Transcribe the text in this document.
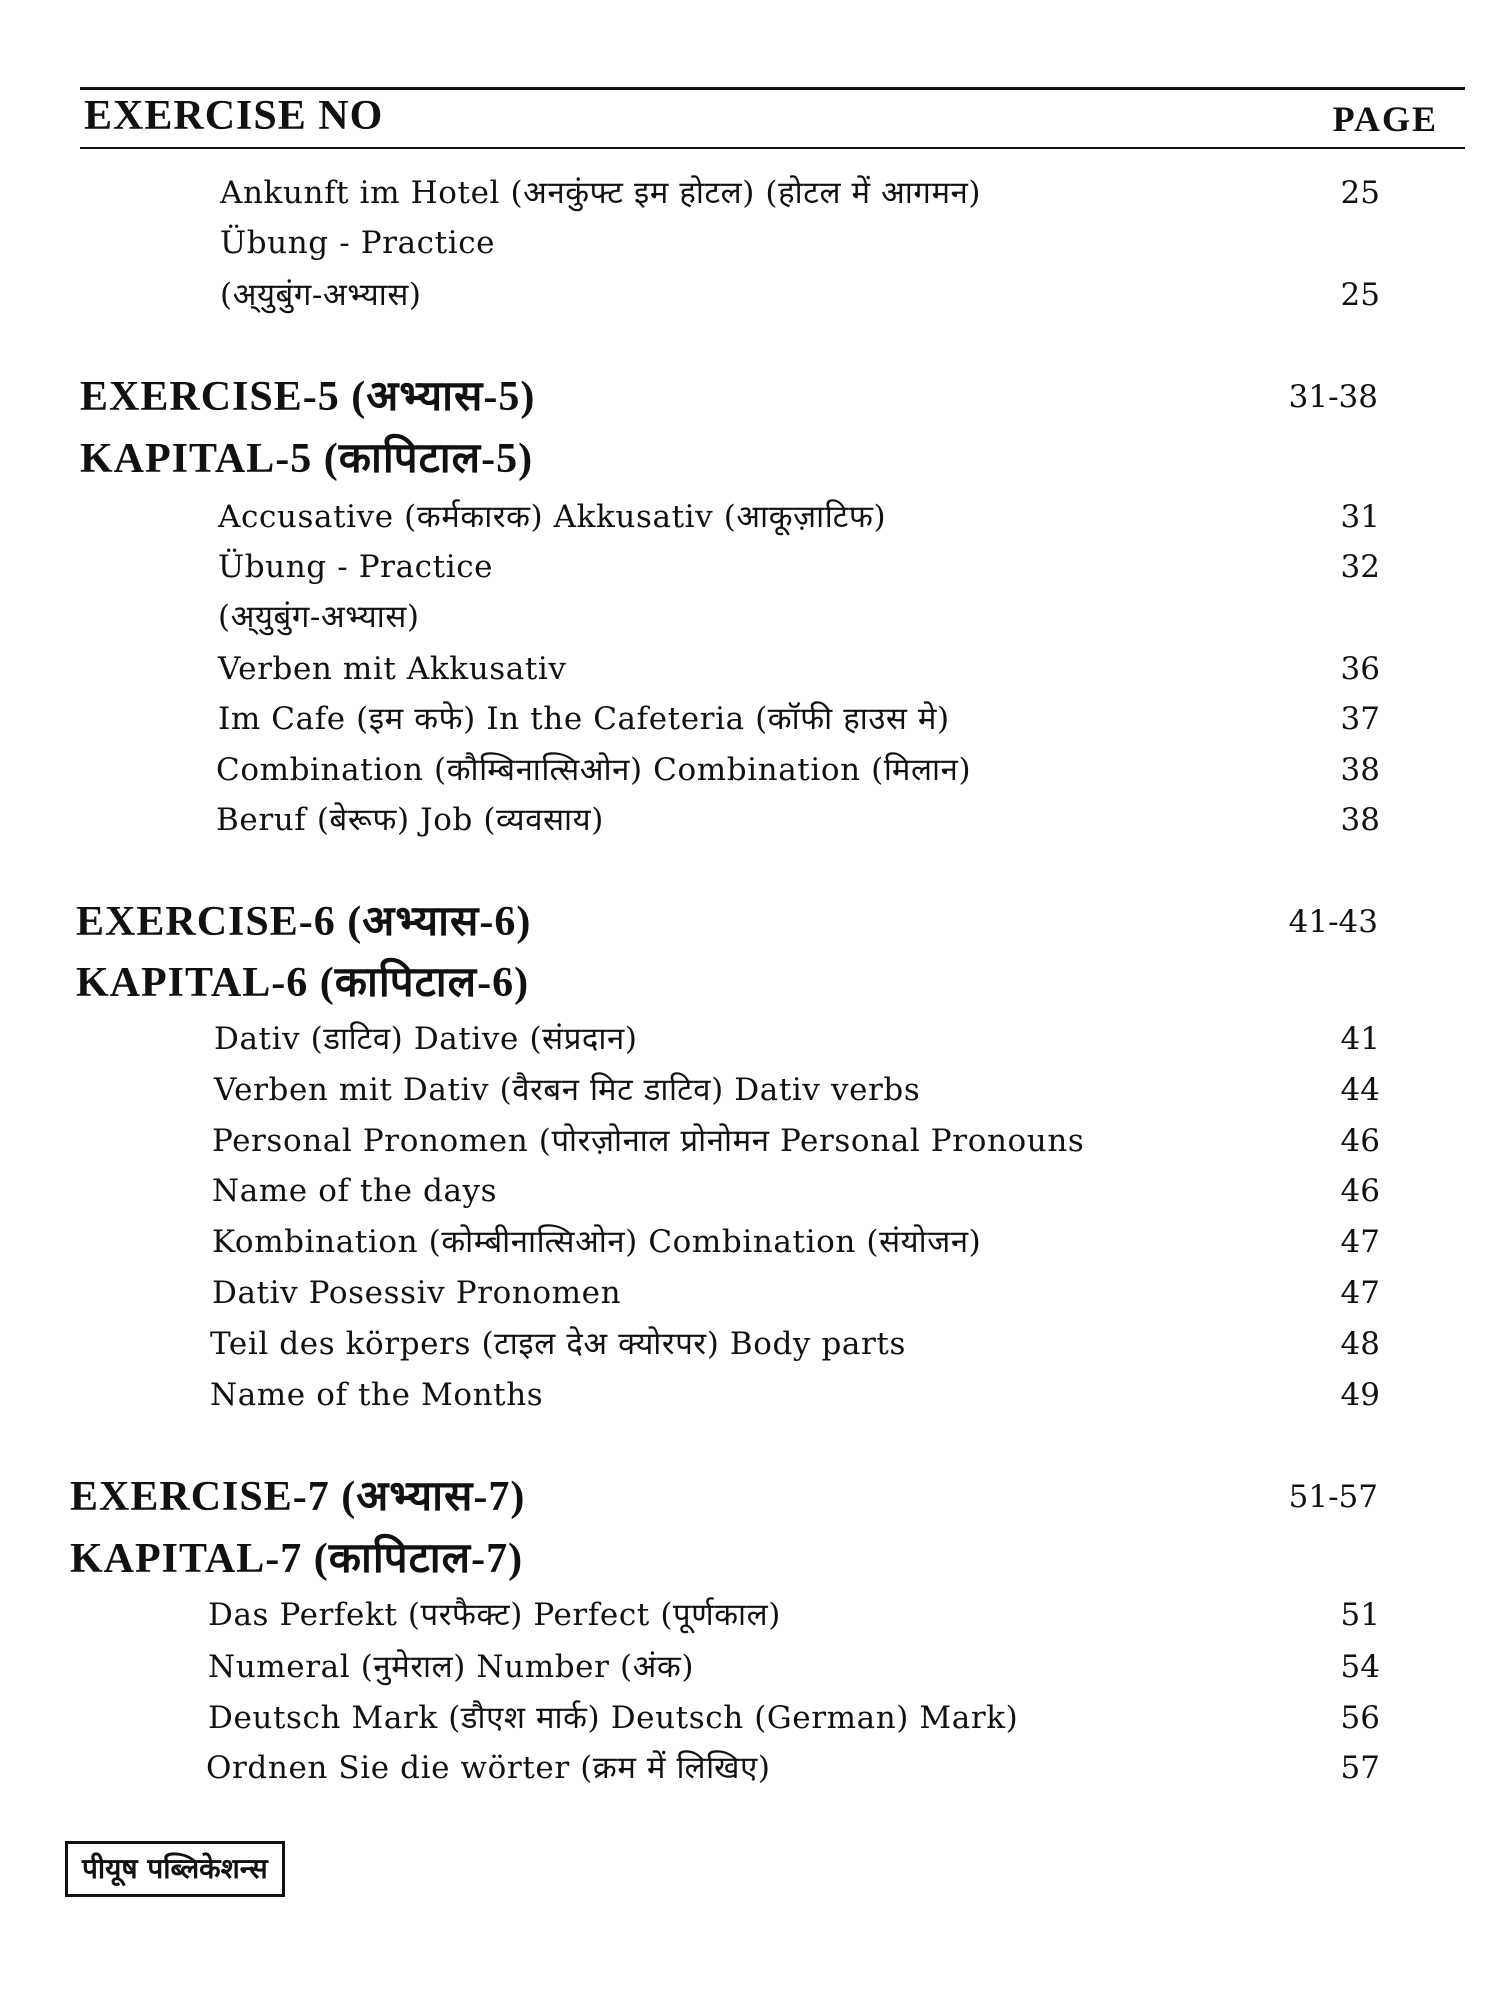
EXERCISE NO	PAGE
Ankunft im Hotel (अनकुंफ्ट इम होटल) (होटल में आगमन)	25
Übung - Practice
(अ्युबुंग-अभ्यास)	25
EXERCISE-5 (अभ्यास-5)	31-38
KAPITAL-5 (कापिटाल-5)
Accusative (कर्मकारक) Akkusativ (आकूज़ाटिफ)	31
Übung - Practice	32
(अ्युबुंग-अभ्यास)
Verben mit Akkusativ	36
Im Cafe (इम कफे) In the Cafeteria (कॉफी हाउस मे)	37
Combination (कौम्बिनात्सिओन) Combination (मिलान)	38
Beruf (बेरूफ) Job (व्यवसाय)	38
EXERCISE-6 (अभ्यास-6)	41-43
KAPITAL-6 (कापिटाल-6)
Dativ (डाटिव) Dative (संप्रदान)	41
Verben mit Dativ (वैरबन मिट डाटिव) Dativ verbs	44
Personal Pronomen (पोरज़ोनाल प्रोनोमन Personal Pronouns	46
Name of the days	46
Kombination (कोम्बीनात्सिओन) Combination (संयोजन)	47
Dativ Posessiv Pronomen	47
Teil des körpers (टाइल देअ क्योरपर) Body parts	48
Name of the Months	49
EXERCISE-7 (अभ्यास-7)	51-57
KAPITAL-7 (कापिटाल-7)
Das Perfekt (परफैक्ट) Perfect (पूर्णकाल)	51
Numeral (नुमेराल) Number (अंक)	54
Deutsch Mark (डौएश मार्क) Deutsch (German) Mark)	56
Ordnen Sie die wörter (क्रम में लिखिए)	57
पीयूष पब्लिकेशन्स
